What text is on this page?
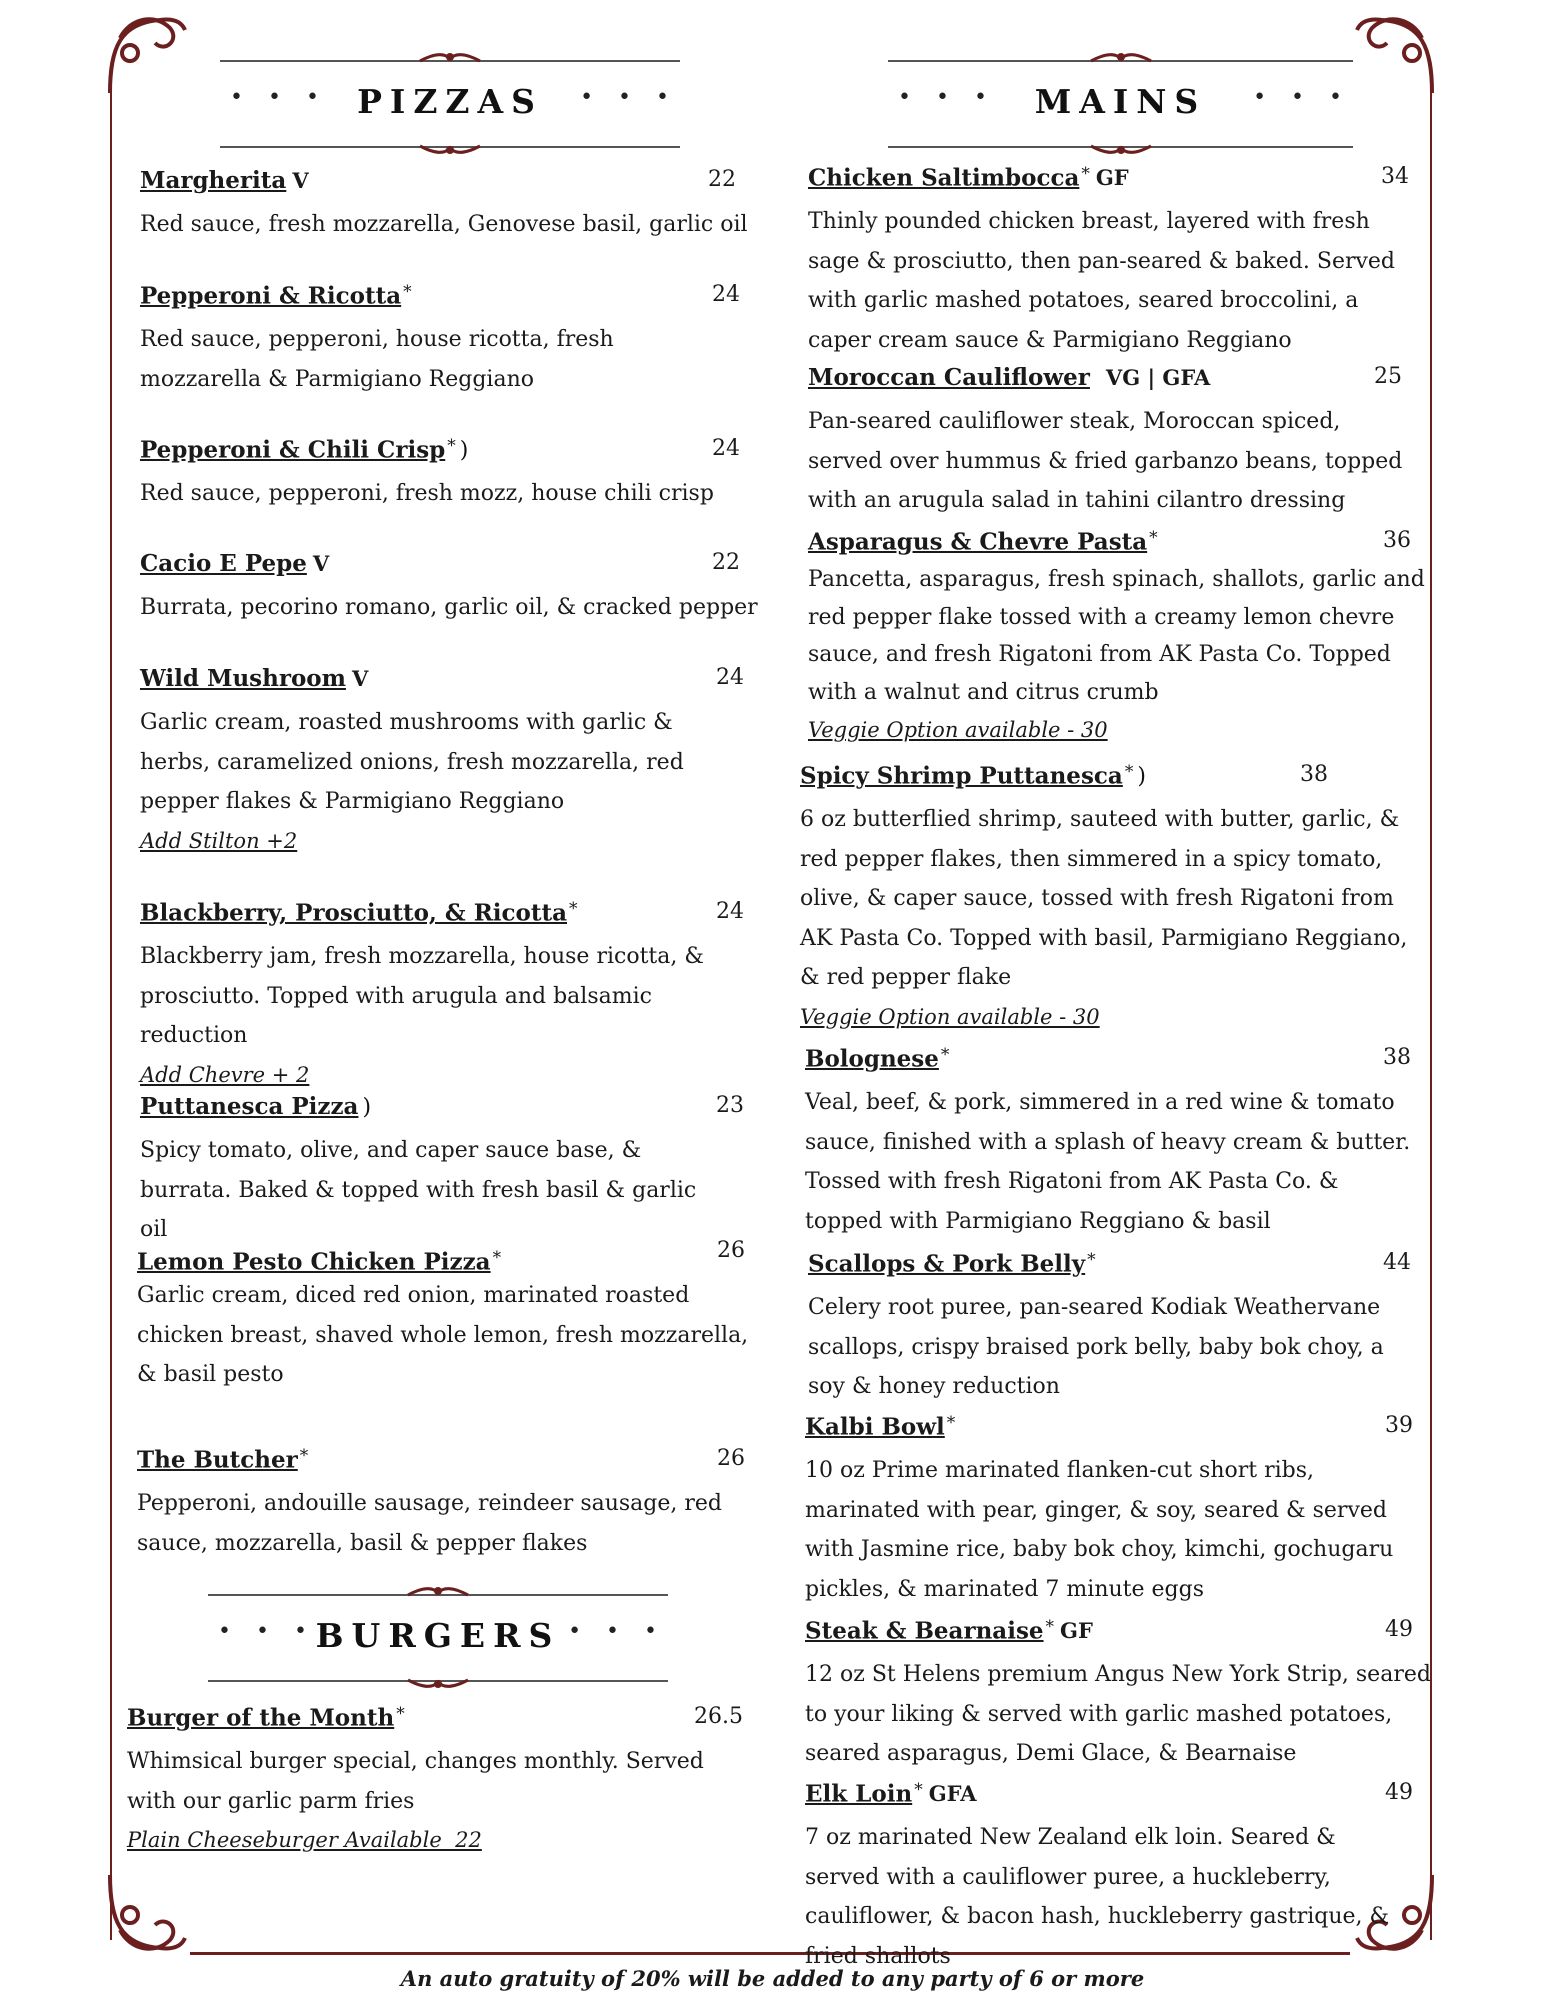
• • • PIZZAS	• • •
Margherita V	22
Red sauce, fresh mozzarella, Genovese basil, garlic oil
Pepperoni & Ricotta *	24
Red sauce, pepperoni, house ricotta, fresh mozzarella & Parmigiano Reggiano
Pepperoni & Chili Crisp * )	24
Red sauce, pepperoni, fresh mozz, house chili crisp
Cacio E Pepe V	22
Burrata, pecorino romano, garlic oil, & cracked pepper
Wild Mushroom V	24
Garlic cream, roasted mushrooms with garlic & herbs, caramelized onions, fresh mozzarella, red pepper flakes & Parmigiano Reggiano
Add Stilton +2
Blackberry, Prosciutto, & Ricotta *	24
Blackberry jam, fresh mozzarella, house ricotta, & prosciutto. Topped with arugula and balsamic reduction
Add Chevre + 2
Puttanesca Pizza )	23
Spicy tomato, olive, and caper sauce base, & burrata. Baked & topped with fresh basil & garlic oil
Lemon Pesto Chicken Pizza *	26
Garlic cream, diced red onion, marinated roasted chicken breast, shaved whole lemon, fresh mozzarella, & basil pesto
The Butcher *	26
Pepperoni, andouille sausage, reindeer sausage, red sauce, mozzarella, basil & pepper flakes
• • • BURGERS • • •
Burger of the Month *	26.5
Whimsical burger special, changes monthly. Served with our garlic parm fries
Plain Cheeseburger Available  22
• • •	MAINS	• • •
Chicken Saltimbocca * GF	34
Thinly pounded chicken breast, layered with fresh sage & prosciutto, then pan-seared & baked. Served with garlic mashed potatoes, seared broccolini, a caper cream sauce & Parmigiano Reggiano
Moroccan Cauliflower VG | GFA	25
Pan-seared cauliflower steak, Moroccan spiced, served over hummus & fried garbanzo beans, topped with an arugula salad in tahini cilantro dressing
Asparagus & Chevre Pasta *	36
Pancetta, asparagus, fresh spinach, shallots, garlic and red pepper flake tossed with a creamy lemon chevre sauce, and fresh Rigatoni from AK Pasta Co. Topped with a walnut and citrus crumb
Veggie Option available - 30
Spicy Shrimp Puttanesca * )	38
6 oz butterflied shrimp, sauteed with butter, garlic, & red pepper flakes, then simmered in a spicy tomato, olive, & caper sauce, tossed with fresh Rigatoni from AK Pasta Co. Topped with basil, Parmigiano Reggiano, & red pepper flake
Veggie Option available - 30
Bolognese *	38
Veal, beef, & pork, simmered in a red wine & tomato sauce, finished with a splash of heavy cream & butter. Tossed with fresh Rigatoni from AK Pasta Co. & topped with Parmigiano Reggiano & basil
Scallops & Pork Belly *	44
Celery root puree, pan-seared Kodiak Weathervane scallops, crispy braised pork belly, baby bok choy, a soy & honey reduction
Kalbi Bowl *	39
10 oz Prime marinated flanken-cut short ribs, marinated with pear, ginger, & soy, seared & served with Jasmine rice, baby bok choy, kimchi, gochugaru pickles, & marinated 7 minute eggs
Steak & Bearnaise * GF	49
12 oz St Helens premium Angus New York Strip, seared to your liking & served with garlic mashed potatoes, seared asparagus, Demi Glace, & Bearnaise
Elk Loin * GFA	49
7 oz marinated New Zealand elk loin. Seared & served with a cauliflower puree, a huckleberry, cauliflower, & bacon hash, huckleberry gastrique, & fried shallots
An auto gratuity of 20% will be added to any party of 6 or more
